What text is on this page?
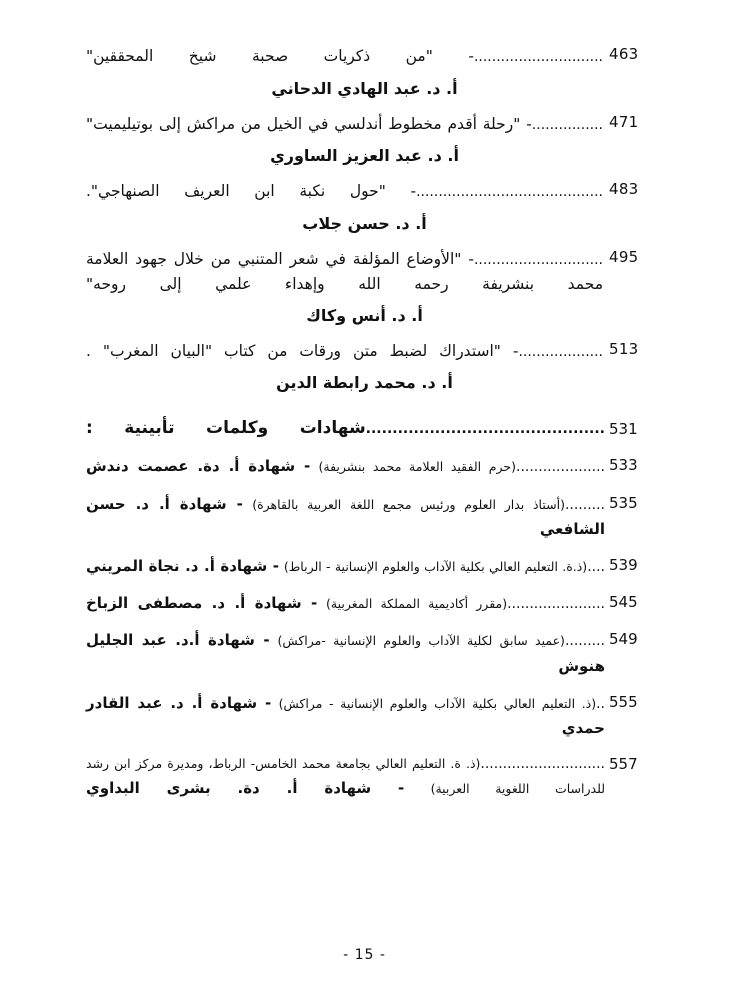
463
.............................- "من ذكريات صحبة شيخ المحققين"
أ. د. عبد الهادي الدحاني
471
................- "رحلة أقدم مخطوط أندلسي في الخيل من مراكش إلى بوتيليميت"
أ. د. عبد العزيز الساوري
483
..........................................- "حول نكبة ابن العريف الصنهاجي".
أ. د. حسن جلاب
495
.............................- "الأوضاع المؤلفة في شعر المتنبي من خلال جهود العلامة محمد بنشريفة رحمه الله وإهداء علمي إلى روحه"
أ. د. أنس وكاك
513
...................- "استدراك لضبط متن ورقات من كتاب "البيان المغرب" .
أ. د. محمد رابطة الدين
531
.............................................شهادات وكلمات تأبينية :
533
....................(حرم الفقيد العلامة محمد بنشريفة) - شهادة أ. دة. عصمت دندش
535
.........(أستاذ بدار العلوم ورئيس مجمع اللغة العربية بالقاهرة) - شهادة أ. د. حسن الشافعي
539
....(ذ.ة. التعليم العالي بكلية الآداب والعلوم الإنسانية - الرباط) - شهادة أ. د. نجاة المريني
545
......................(مقرر أكاديمية المملكة المغربية) - شهادة أ. د. مصطفى الزباخ
549
.........(عميد سابق لكلية الآداب والعلوم الإنسانية -مراكش) - شهادة أ.د. عبد الجليل هنوش
555
..(ذ. التعليم العالي بكلية الآداب والعلوم الإنسانية - مراكش) - شهادة أ. د. عبد القادر حمدي
557
............................(ذ. ة. التعليم العالي بجامعة محمد الخامس- الرباط، ومديرة مركز ابن رشد للدراسات اللغوية العربية) - شهادة أ. دة. بشرى البداوي
- 15 -
